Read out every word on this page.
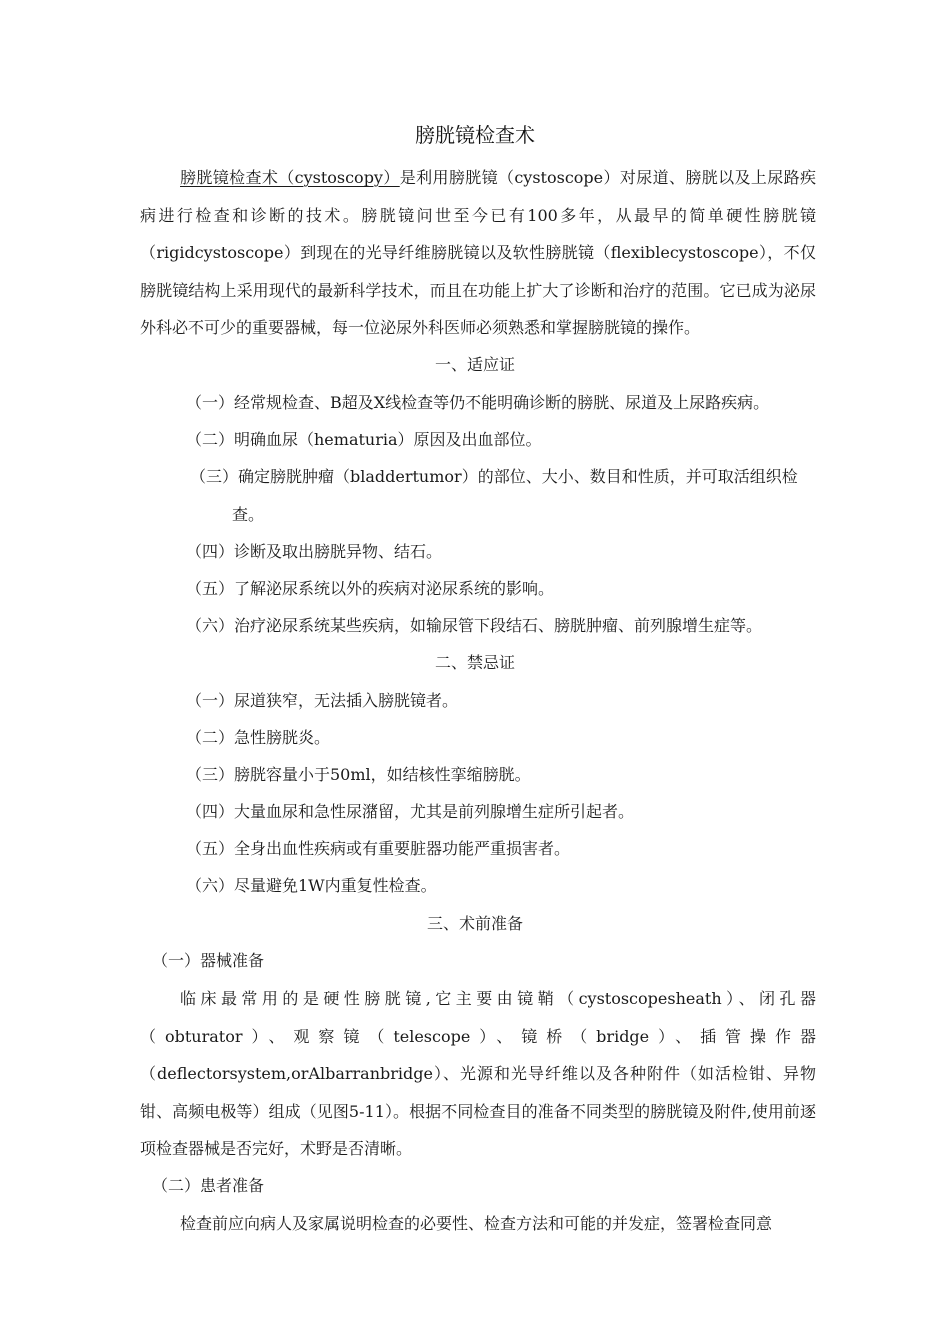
膀胱镜检查术

膀胱镜检查术（cystoscopy）是利用膀胱镜（cystoscope）对尿道、膀胱以及上尿路疾病进行检查和诊断的技术。膀胱镜问世至今已有100多年，从最早的简单硬性膀胱镜（rigidcystoscope）到现在的光导纤维膀胱镜以及软性膀胱镜（flexiblecystoscope），不仅膀胱镜结构上采用现代的最新科学技术，而且在功能上扩大了诊断和治疗的范围。它已成为泌尿外科必不可少的重要器械，每一位泌尿外科医师必须熟悉和掌握膀胱镜的操作。

一、适应证
（一）经常规检查、B超及X线检查等仍不能明确诊断的膀胱、尿道及上尿路疾病。
（二）明确血尿（hematuria）原因及出血部位。
（三）确定膀胱肿瘤（bladdertumor）的部位、大小、数目和性质，并可取活组织检
查。
（四）诊断及取出膀胱异物、结石。
（五）了解泌尿系统以外的疾病对泌尿系统的影响。
（六）治疗泌尿系统某些疾病，如输尿管下段结石、膀胱肿瘤、前列腺增生症等。
二、禁忌证
（一）尿道狭窄，无法插入膀胱镜者。
（二）急性膀胱炎。
（三）膀胱容量小于50ml，如结核性挛缩膀胱。
（四）大量血尿和急性尿潴留，尤其是前列腺增生症所引起者。
（五）全身出血性疾病或有重要脏器功能严重损害者。
（六）尽量避免1W内重复性检查。
三、术前准备
（一）器械准备

临床最常用的是硬性膀胱镜,它主要由镜鞘（cystoscopesheath）、闭孔器（obturator）、观察镜（telescope）、镜桥（bridge）、插管操作器（deflectorsystem,orAlbarranbridge）、光源和光导纤维以及各种附件（如活检钳、异物钳、高频电极等）组成（见图5-11）。根据不同检查目的准备不同类型的膀胱镜及附件,使用前逐项检查器械是否完好，术野是否清晰。

（二）患者准备

检查前应向病人及家属说明检查的必要性、检查方法和可能的并发症，签署检查同意
